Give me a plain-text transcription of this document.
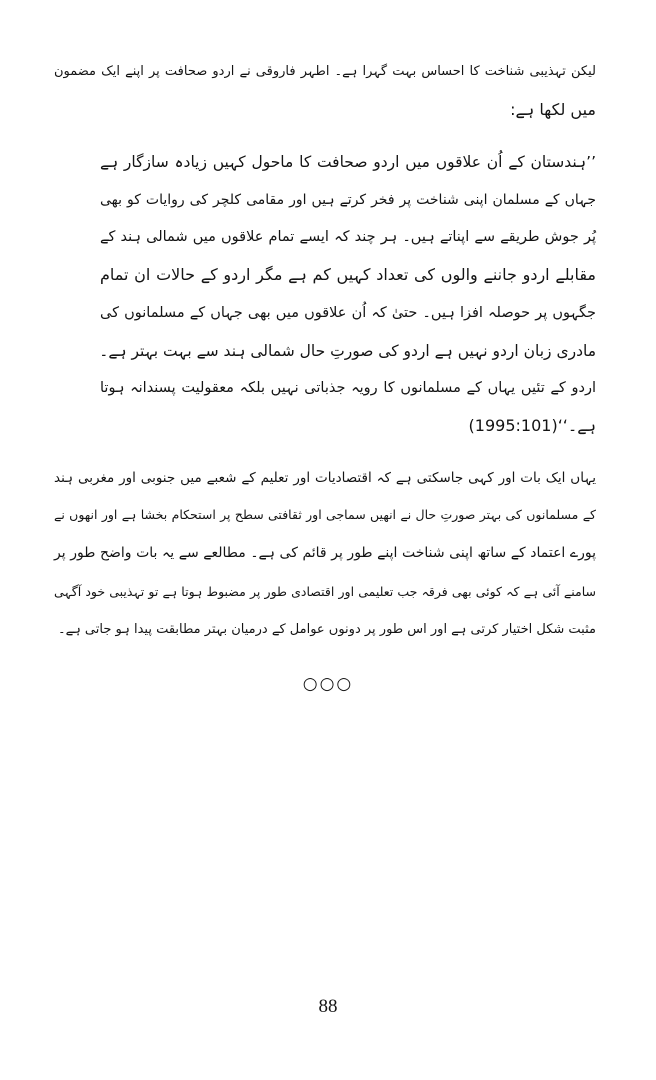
لیکن تہذیبی شناخت کا احساس بہت گہرا ہے۔ اطہر فاروقی نے اردو صحافت پر اپنے ایک مضمون
میں لکھا ہے:
’’ہندستان کے اُن علاقوں میں اردو صحافت کا ماحول کہیں زیادہ سازگار ہے
جہاں کے مسلمان اپنی شناخت پر فخر کرتے ہیں اور مقامی کلچر کی روایات کو بھی
پُر جوش طریقے سے اپناتے ہیں۔ ہر چند کہ ایسے تمام علاقوں میں شمالی ہند کے
مقابلے اردو جاننے والوں کی تعداد کہیں کم ہے مگر اردو کے حالات ان تمام
جگہوں پر حوصلہ افزا ہیں۔ حتیٰ کہ اُن علاقوں میں بھی جہاں کے مسلمانوں کی
مادری زبان اردو نہیں ہے اردو کی صورتِ حال شمالی ہند سے بہت بہتر ہے۔
اردو کے تئیں یہاں کے مسلمانوں کا رویہ جذباتی نہیں بلکہ معقولیت پسندانہ ہوتا
ہے۔‘‘(1995:101)
یہاں ایک بات اور کہی جاسکتی ہے کہ اقتصادیات اور تعلیم کے شعبے میں جنوبی اور مغربی ہند
کے مسلمانوں کی بہتر صورتِ حال نے انھیں سماجی اور ثقافتی سطح پر استحکام بخشا ہے اور انھوں نے
پورے اعتماد کے ساتھ اپنی شناخت اپنے طور پر قائم کی ہے۔ مطالعے سے یہ بات واضح طور پر
سامنے آئی ہے کہ کوئی بھی فرقہ جب تعلیمی اور اقتصادی طور پر مضبوط ہوتا ہے تو تہذیبی خود آگہی
مثبت شکل اختیار کرتی ہے اور اس طور پر دونوں عوامل کے درمیان بہتر مطابقت پیدا ہو جاتی ہے۔
○○○
88
